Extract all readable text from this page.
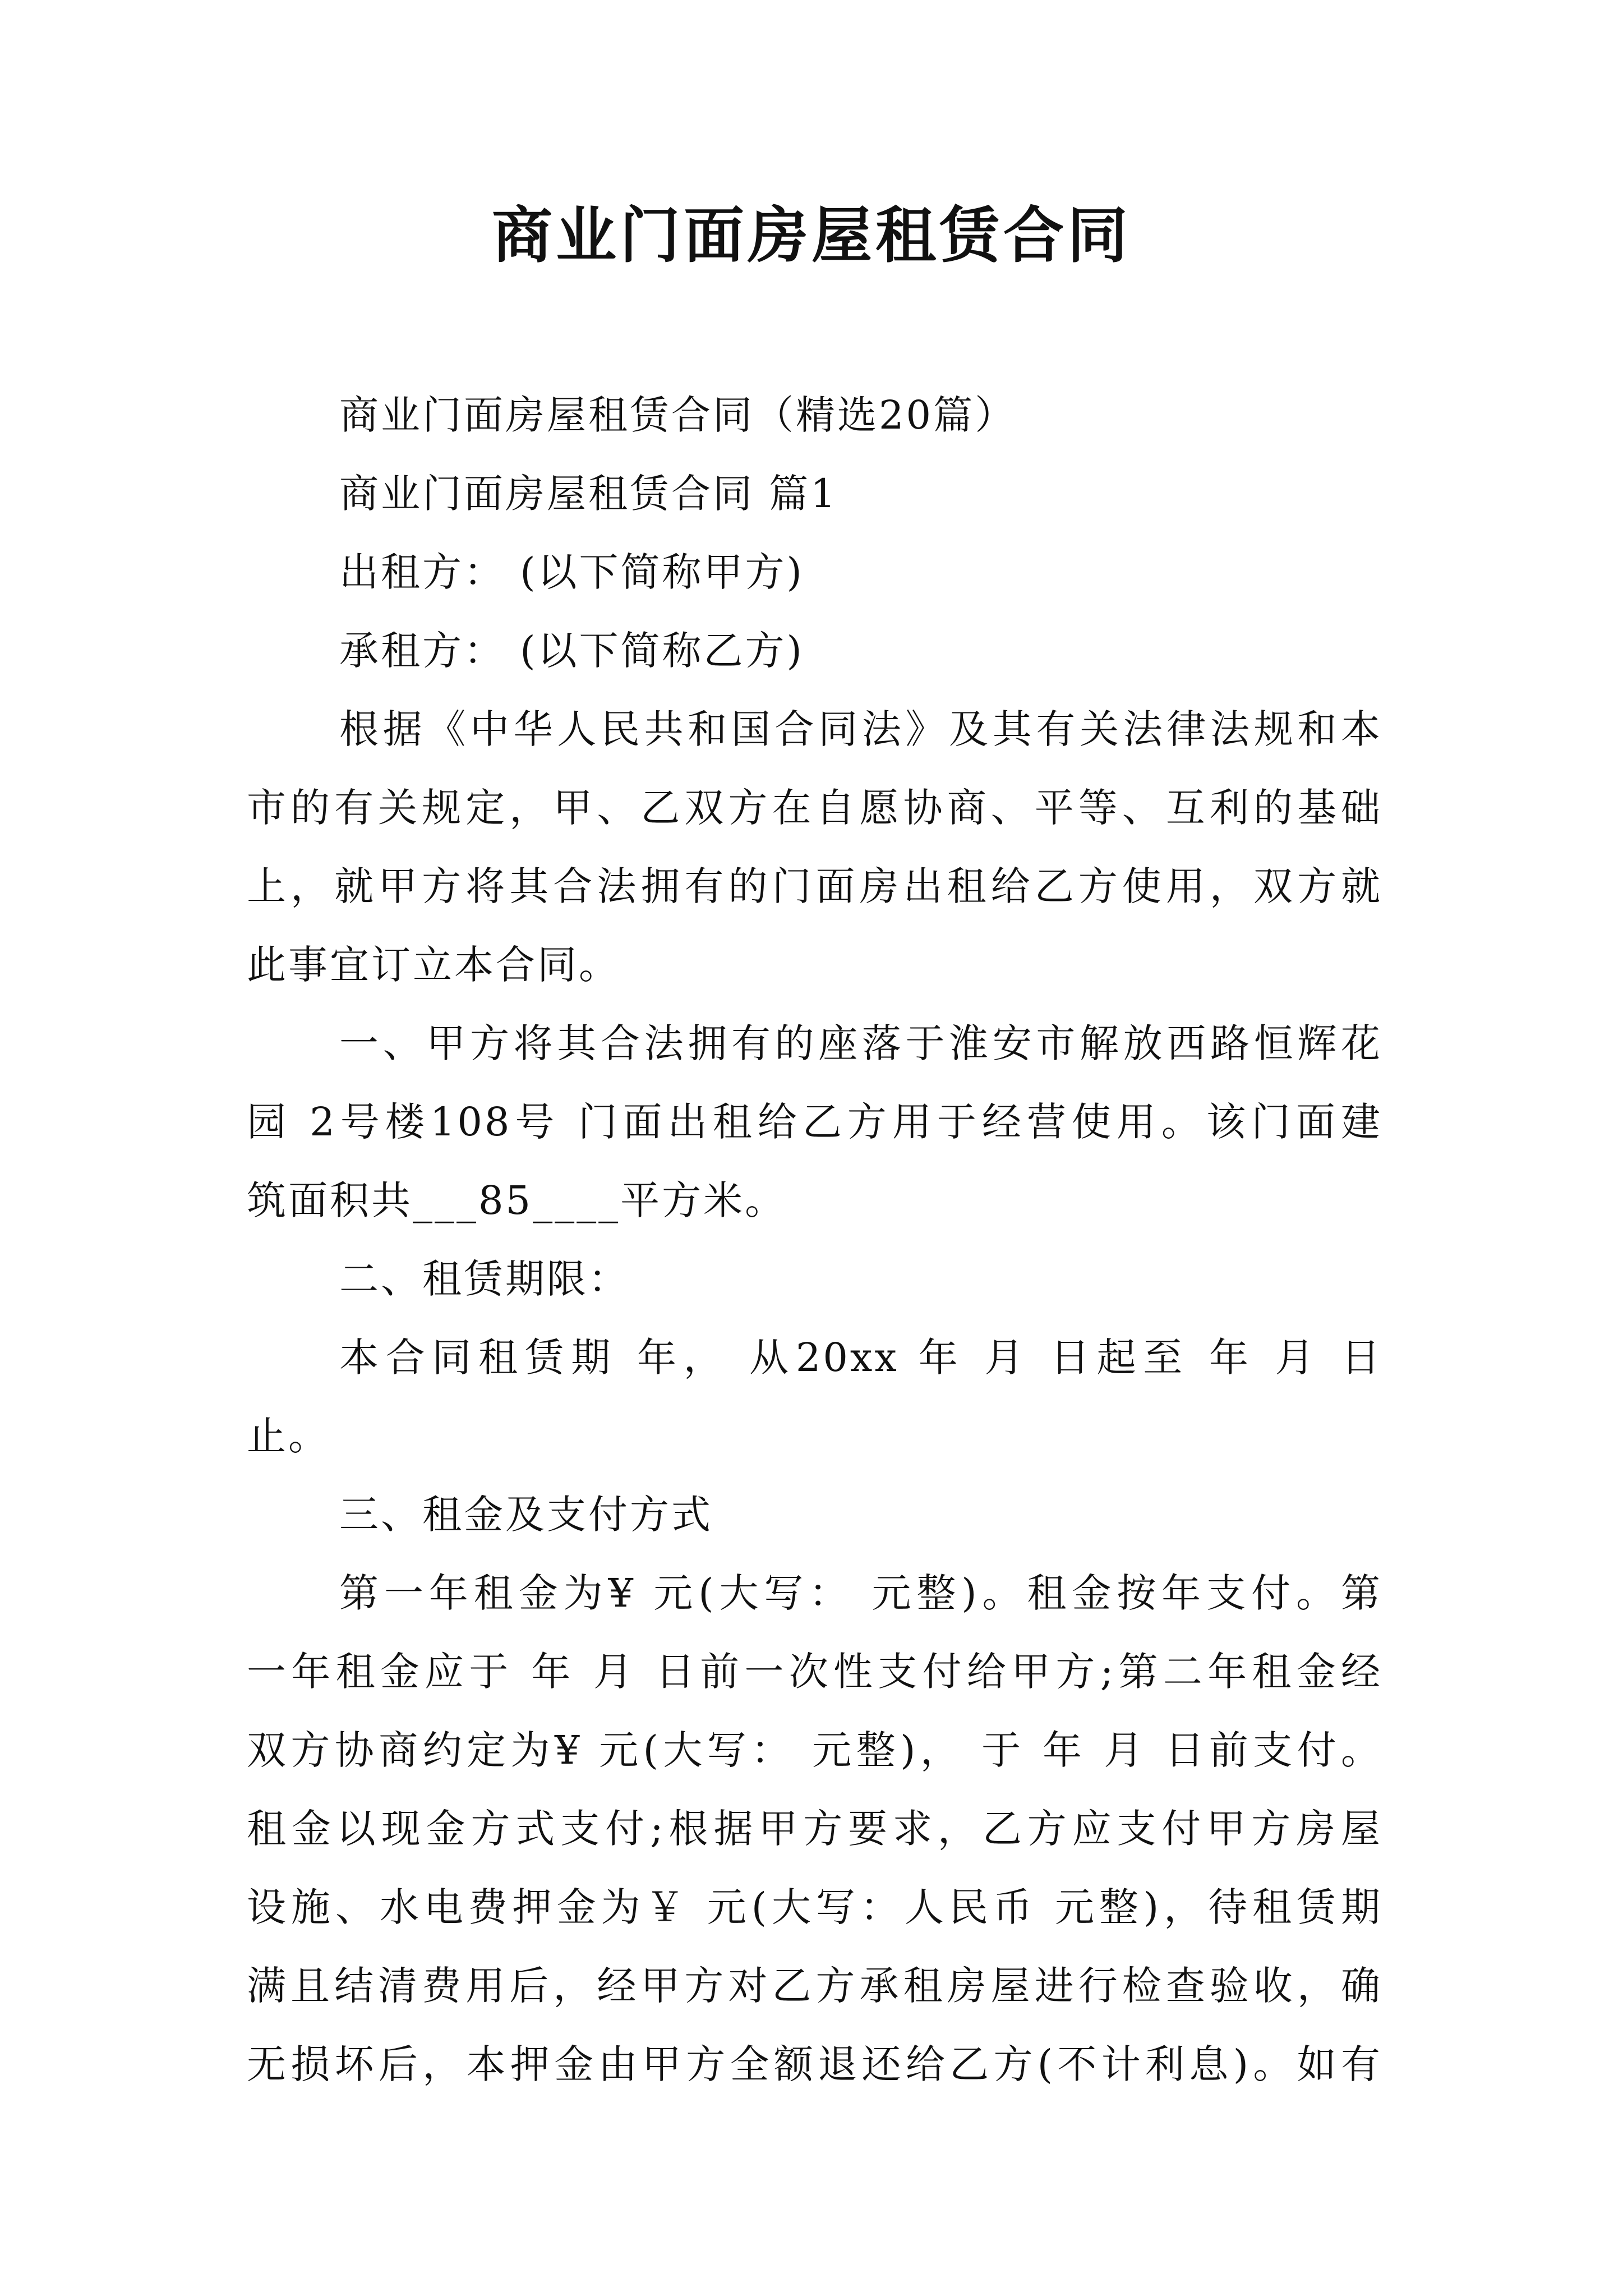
商业门面房屋租赁合同
商业门面房屋租赁合同（精选20篇）
商业门面房屋租赁合同 篇1
出租方： (以下简称甲方)
承租方： (以下简称乙方)
根据《中华人民共和国合同法》及其有关法律法规和本
市的有关规定，甲、乙双方在自愿协商、平等、互利的基础
上，就甲方将其合法拥有的门面房出租给乙方使用，双方就
此事宜订立本合同。
一、甲方将其合法拥有的座落于淮安市解放西路恒辉花
园 2号楼108号 门面出租给乙方用于经营使用。该门面建
筑面积共___85____平方米。
二、租赁期限：
本合同租赁期 年， 从20xx 年 月 日起至 年 月 日
止。
三、租金及支付方式
第一年租金为¥ 元(大写： 元整)。租金按年支付。第
一年租金应于 年 月 日前一次性支付给甲方;第二年租金经
双方协商约定为¥ 元(大写： 元整)， 于 年 月 日前支付。
租金以现金方式支付;根据甲方要求，乙方应支付甲方房屋
设施、水电费押金为￥ 元(大写：人民币 元整)，待租赁期
满且结清费用后，经甲方对乙方承租房屋进行检查验收，确
无损坏后，本押金由甲方全额退还给乙方(不计利息)。如有
